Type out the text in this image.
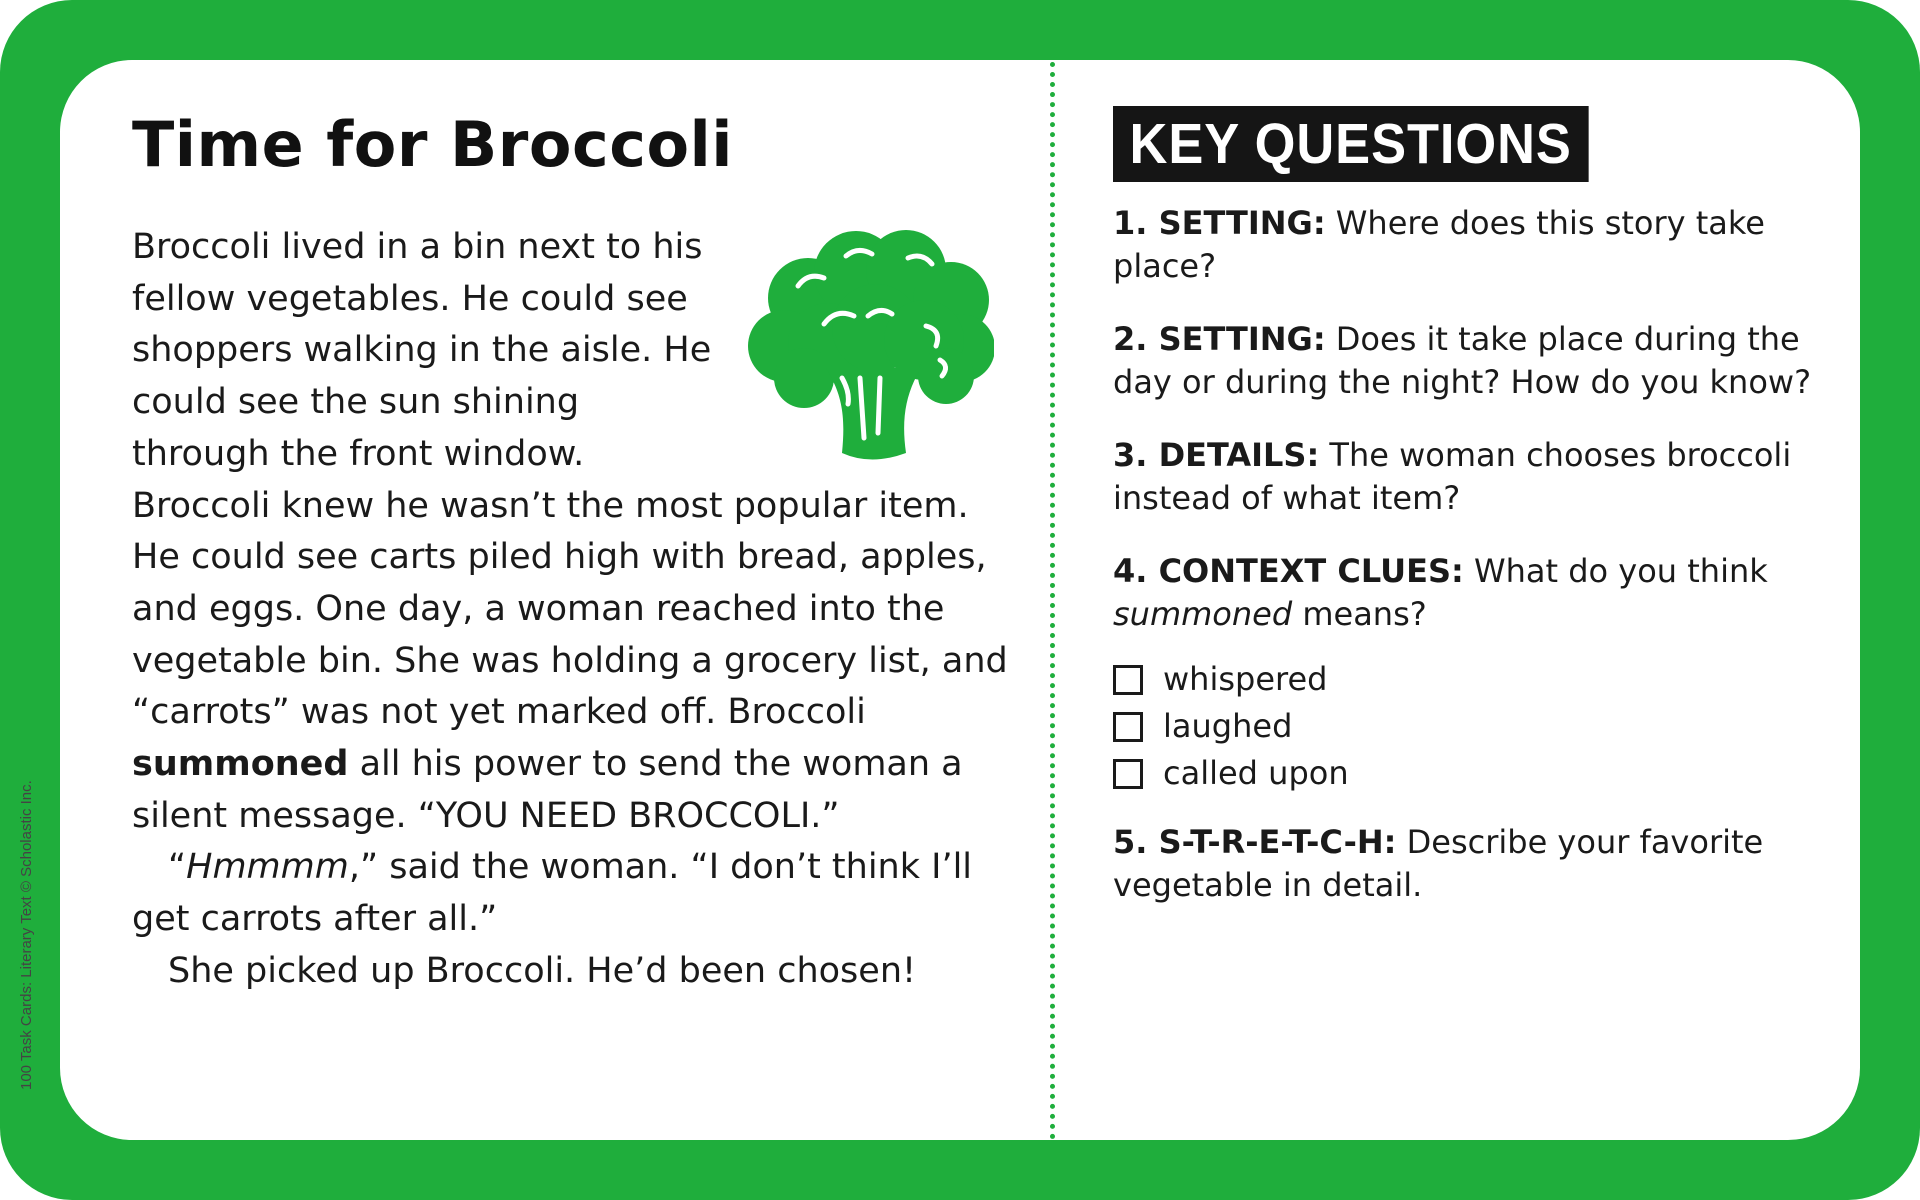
100 Task Cards: Literary Text © Scholastic Inc.
Time for Broccoli

Broccoli lived in a bin next to his fellow vegetables. He could see shoppers walking in the aisle. He could see the sun shining through the front window.

Broccoli knew he wasn’t the most popular item. He could see carts piled high with bread, apples, and eggs. One day, a woman reached into the vegetable bin. She was holding a grocery list, and “carrots” was not yet marked off. Broccoli summoned all his power to send the woman a silent message. “YOU NEED BROCCOLI.”

“Hmmmm,” said the woman. “I don’t think I’ll get carrots after all.”

She picked up Broccoli. He’d been chosen!

KEY QUESTIONS

1. SETTING: Where does this story take place?

2. SETTING: Does it take place during the day or during the night? How do you know?

3. DETAILS: The woman chooses broccoli instead of what item?

4. CONTEXT CLUES: What do you think summoned means?

whispered
laughed
called upon

5. S-T-R-E-T-C-H: Describe your favorite vegetable in detail.
